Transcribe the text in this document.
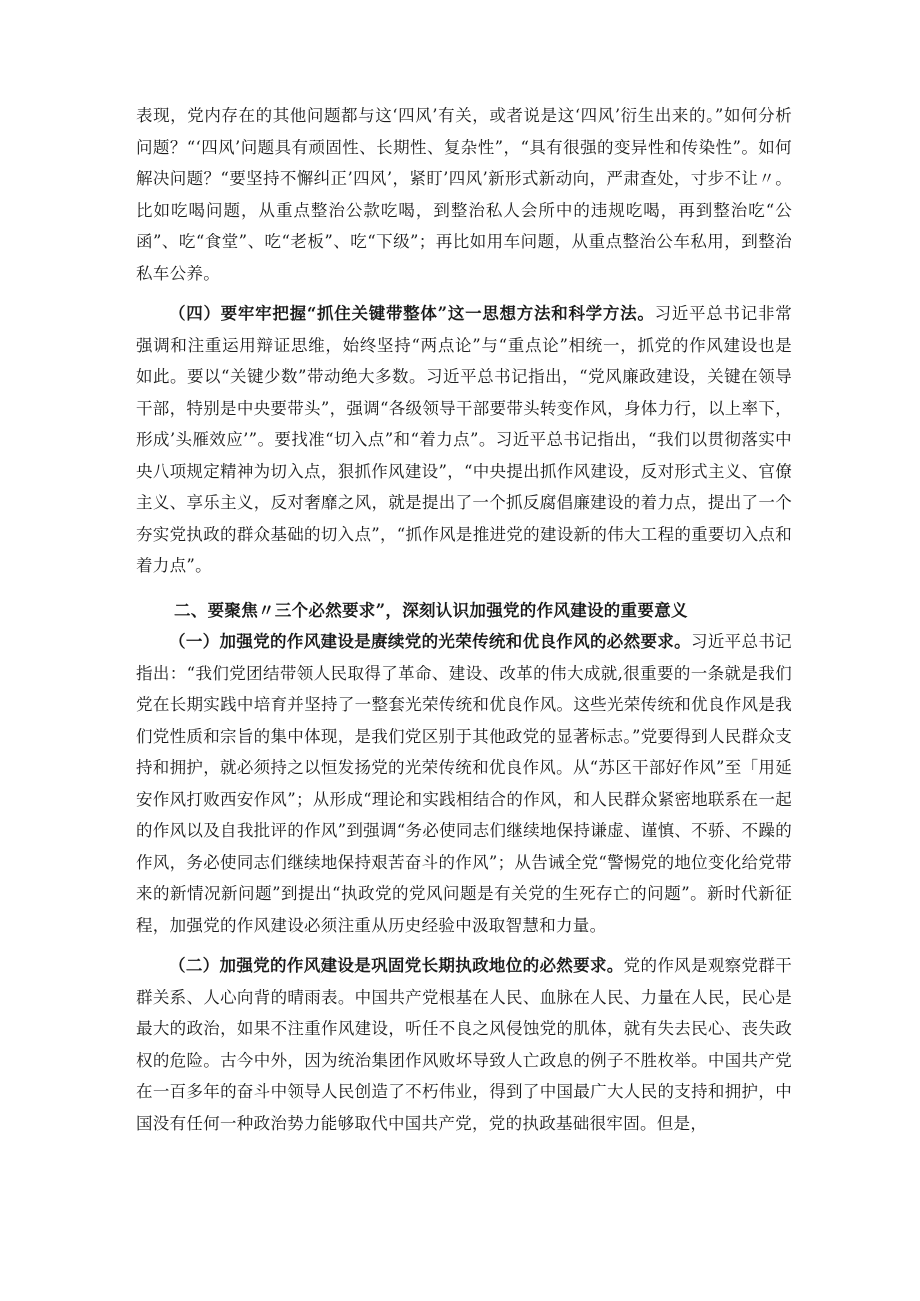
表现，党内存在的其他问题都与这‘四风’有关，或者说是这‘四风’衍生出来的。”如何分析问题？“‘四风’问题具有顽固性、长期性、复杂性”，“具有很强的变异性和传染性”。如何解决问题？“要坚持不懈纠正’四风’，紧盯’四风’新形式新动向，严肃查处，寸步不让〃。比如吃喝问题，从重点整治公款吃喝，到整治私人会所中的违规吃喝，再到整治吃“公函”、吃“食堂”、吃“老板”、吃“下级”；再比如用车问题，从重点整治公车私用，到整治私车公养。

（四）要牢牢把握“抓住关键带整体”这一思想方法和科学方法。习近平总书记非常强调和注重运用辩证思维，始终坚持“两点论”与“重点论”相统一，抓党的作风建设也是如此。要以“关键少数”带动绝大多数。习近平总书记指出，“党风廉政建设，关键在领导干部，特别是中央要带头”，强调“各级领导干部要带头转变作风，身体力行，以上率下，形成’头雁效应’”。要找准“切入点”和“着力点”。习近平总书记指出，“我们以贯彻落实中央八项规定精神为切入点，狠抓作风建设”，“中央提出抓作风建设，反对形式主义、官僚主义、享乐主义，反对奢靡之风，就是提出了一个抓反腐倡廉建设的着力点，提出了一个夯实党执政的群众基础的切入点”，“抓作风是推进党的建设新的伟大工程的重要切入点和着力点”。

二、要聚焦〃三个必然要求”，深刻认识加强党的作风建设的重要意义

（一）加强党的作风建设是赓续党的光荣传统和优良作风的必然要求。习近平总书记指出：“我们党团结带领人民取得了革命、建设、改革的伟大成就,很重要的一条就是我们党在长期实践中培育并坚持了一整套光荣传统和优良作风。这些光荣传统和优良作风是我们党性质和宗旨的集中体现，是我们党区别于其他政党的显著标志。”党要得到人民群众支持和拥护，就必须持之以恒发扬党的光荣传统和优良作风。从“苏区干部好作风”至「用延安作风打败西安作风”；从形成“理论和实践相结合的作风，和人民群众紧密地联系在一起的作风以及自我批评的作风”到强调“务必使同志们继续地保持谦虚、谨慎、不骄、不躁的作风，务必使同志们继续地保持艰苦奋斗的作风”；从告诫全党“警惕党的地位变化给党带来的新情况新问题”到提出“执政党的党风问题是有关党的生死存亡的问题”。新时代新征程，加强党的作风建设必须注重从历史经验中汲取智慧和力量。

（二）加强党的作风建设是巩固党长期执政地位的必然要求。党的作风是观察党群干群关系、人心向背的晴雨表。中国共产党根基在人民、血脉在人民、力量在人民，民心是最大的政治，如果不注重作风建设，听任不良之风侵蚀党的肌体，就有失去民心、丧失政权的危险。古今中外，因为统治集团作风败坏导致人亡政息的例子不胜枚举。中国共产党在一百多年的奋斗中领导人民创造了不朽伟业，得到了中国最广大人民的支持和拥护，中国没有任何一种政治势力能够取代中国共产党，党的执政基础很牢固。但是，
